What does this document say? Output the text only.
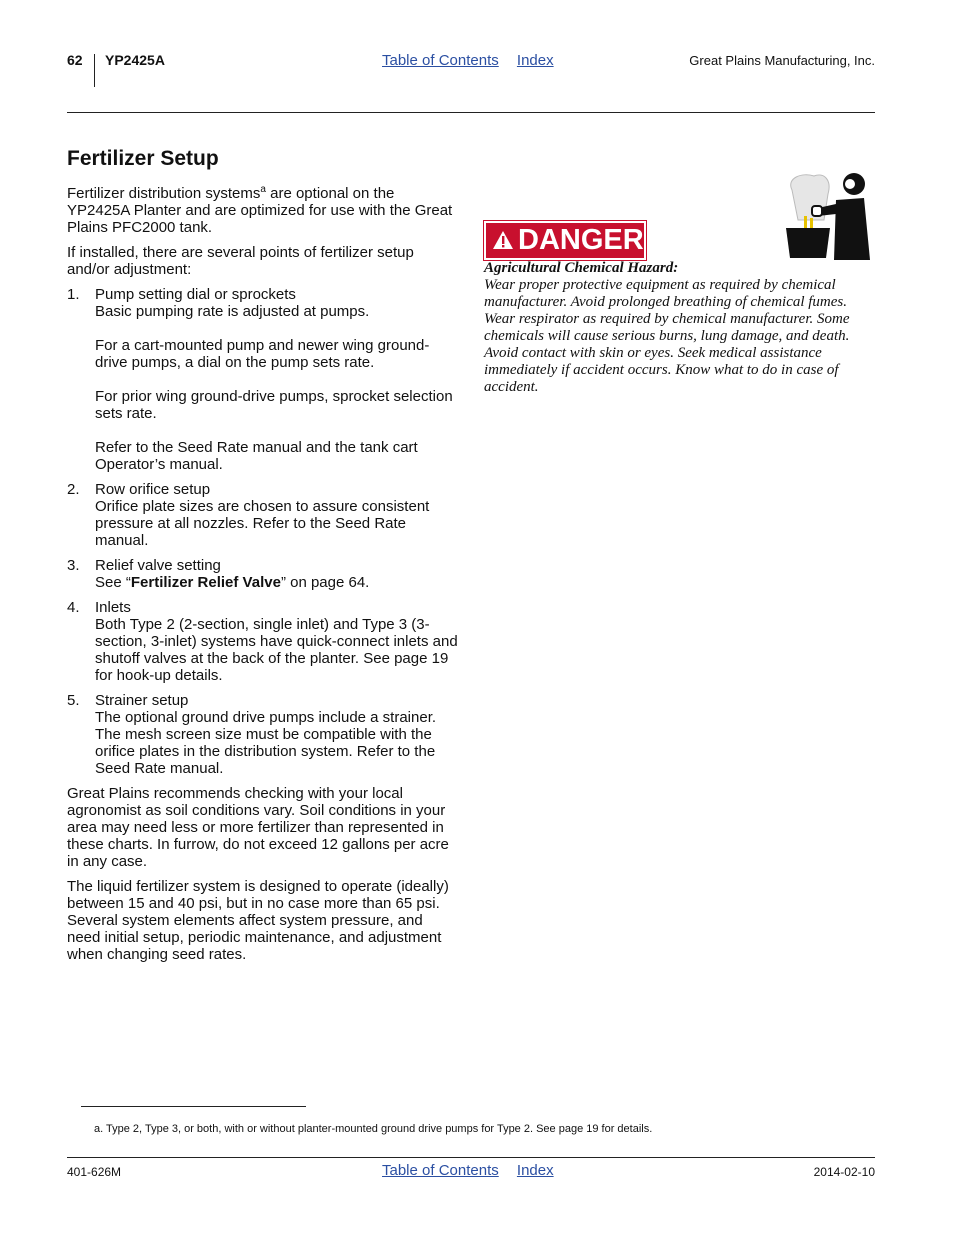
62 YP2425A	Table of Contents Index	Great Plains Manufacturing, Inc.
Fertilizer Setup

Fertilizer distribution systems$^a$ are optional on the YP2425A Planter and are optimized for use with the Great Plains PFC2000 tank.

If installed, there are several points of fertilizer setup and/or adjustment:

1. Pump setting dial or sprockets
Basic pumping rate is adjusted at pumps.
For a cart-mounted pump and newer wing ground-drive pumps, a dial on the pump sets rate.
For prior wing ground-drive pumps, sprocket selection sets rate.
Refer to the Seed Rate manual and the tank cart Operator’s manual.
2. Row orifice setup
Orifice plate sizes are chosen to assure consistent pressure at all nozzles. Refer to the Seed Rate manual.
3. Relief valve setting
See “Fertilizer Relief Valve” on page 64.
4. Inlets
Both Type 2 (2-section, single inlet) and Type 3 (3-section, 3-inlet) systems have quick-connect inlets and shutoff valves at the back of the planter. See page 19 for hook-up details.
5. Strainer setup
The optional ground drive pumps include a strainer. The mesh screen size must be compatible with the orifice plates in the distribution system. Refer to the Seed Rate manual.

Great Plains recommends checking with your local agronomist as soil conditions vary. Soil conditions in your area may need less or more fertilizer than represented in these charts. In furrow, do not exceed 12 gallons per acre in any case.

The liquid fertilizer system is designed to operate (ideally) between 15 and 40 psi, but in no case more than 65 psi. Several system elements affect system pressure, and need initial setup, periodic maintenance, and adjustment when changing seed rates.

DANGER
Agricultural Chemical Hazard:
Wear proper protective equipment as required by chemical manufacturer. Avoid prolonged breathing of chemical fumes. Wear respirator as required by chemical manufacturer. Some chemicals will cause serious burns, lung damage, and death. Avoid contact with skin or eyes. Seek medical assistance immediately if accident occurs. Know what to do in case of accident.
a. Type 2, Type 3, or both, with or without planter-mounted ground drive pumps for Type 2. See page 19 for details.
401-626M	Table of Contents Index	2014-02-10
